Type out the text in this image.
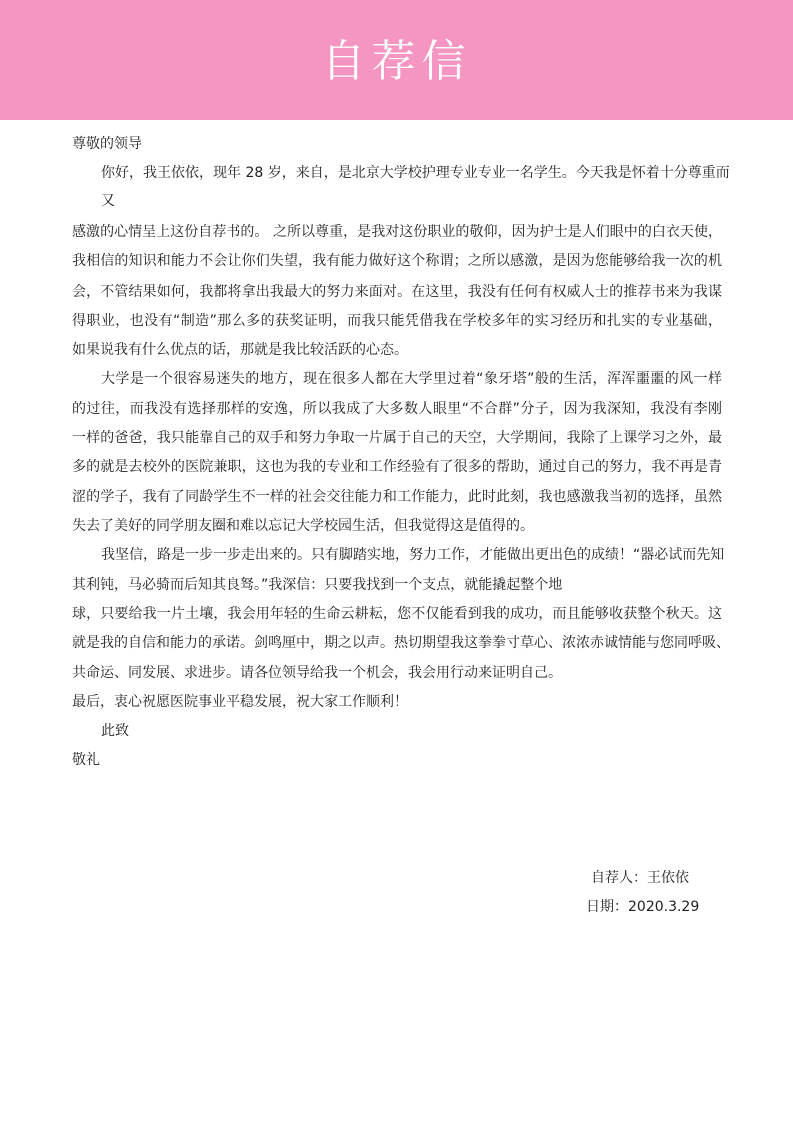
自荐信
尊敬的领导
你好，我王依依，现年 28 岁，来自，是北京大学校护理专业专业一名学生。今天我是怀着十分尊重而
又
感激的心情呈上这份自荐书的。 之所以尊重，是我对这份职业的敬仰，因为护士是人们眼中的白衣天使，
我相信的知识和能力不会让你们失望，我有能力做好这个称谓；之所以感激，是因为您能够给我一次的机
会，不管结果如何，我都将拿出我最大的努力来面对。在这里，我没有任何有权威人士的推荐书来为我谋
得职业，也没有“制造”那么多的获奖证明，而我只能凭借我在学校多年的实习经历和扎实的专业基础，
如果说我有什么优点的话，那就是我比较活跃的心态。
大学是一个很容易迷失的地方，现在很多人都在大学里过着“象牙塔”般的生活，浑浑噩噩的风一样
的过往，而我没有选择那样的安逸，所以我成了大多数人眼里“不合群”分子，因为我深知，我没有李刚
一样的爸爸，我只能靠自己的双手和努力争取一片属于自己的天空，大学期间，我除了上课学习之外，最
多的就是去校外的医院兼职，这也为我的专业和工作经验有了很多的帮助，通过自己的努力，我不再是青
涩的学子，我有了同龄学生不一样的社会交往能力和工作能力，此时此刻，我也感激我当初的选择，虽然
失去了美好的同学朋友圈和难以忘记大学校园生活，但我觉得这是值得的。
我坚信，路是一步一步走出来的。只有脚踏实地，努力工作，才能做出更出色的成绩！“器必试而先知
其利钝，马必骑而后知其良驽。”我深信：只要我找到一个支点，就能撬起整个地
球，只要给我一片土壤，我会用年轻的生命云耕耘，您不仅能看到我的成功，而且能够收获整个秋天。这
就是我的自信和能力的承诺。剑鸣厘中，期之以声。热切期望我这拳拳寸草心、浓浓赤诚情能与您同呼吸、
共命运、同发展、求进步。请各位领导给我一个机会，我会用行动来证明自己。
最后，衷心祝愿医院事业平稳发展，祝大家工作顺利！
此致
敬礼
自荐人：王依依
日期：2020.3.29
